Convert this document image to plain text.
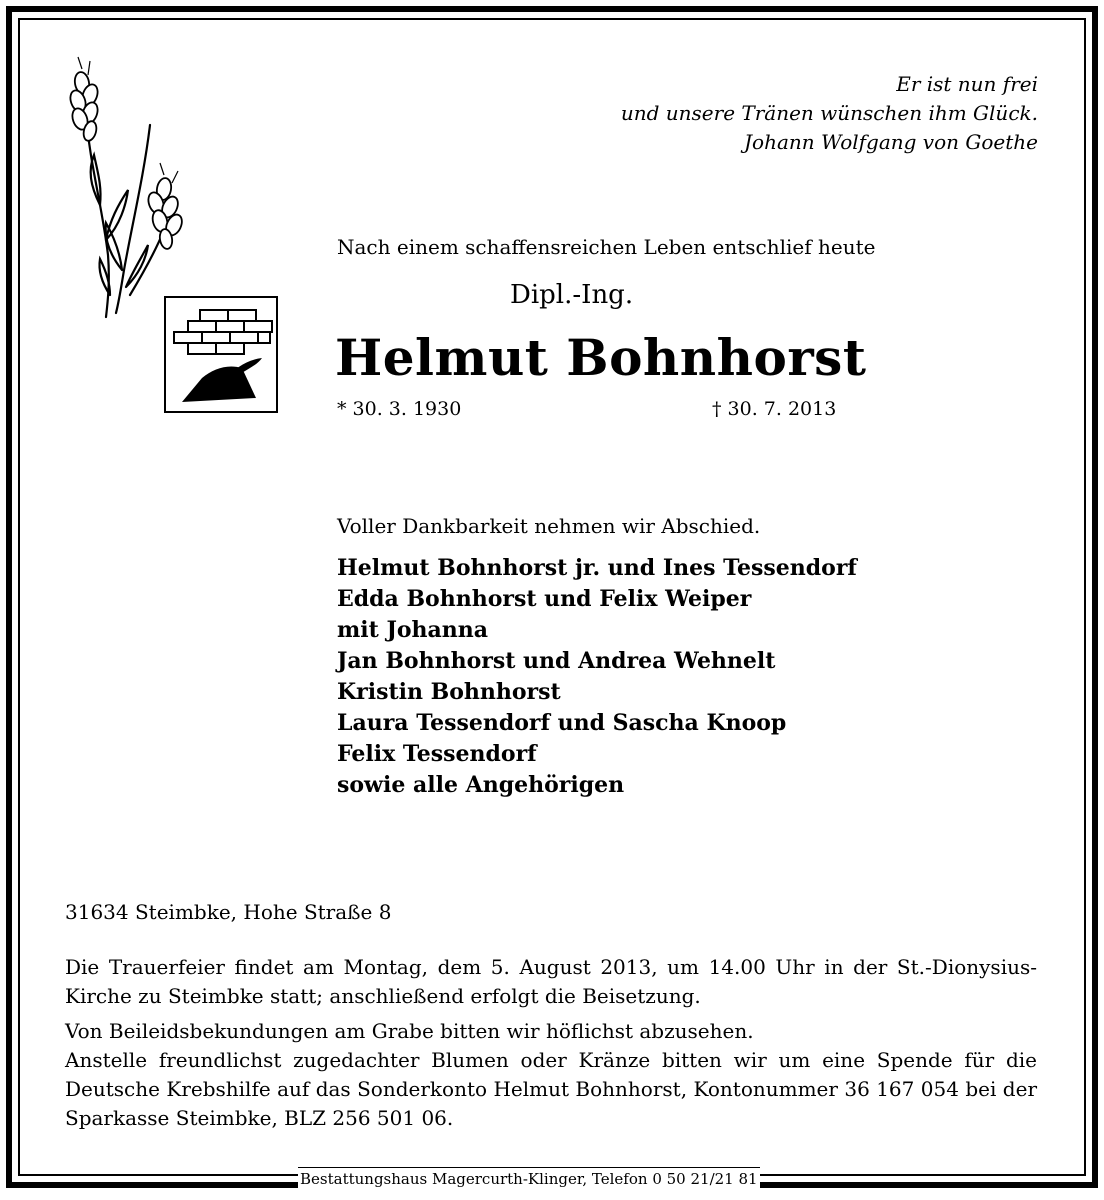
Er ist nun frei
und unsere Tränen wünschen ihm Glück.
Johann Wolfgang von Goethe
Nach einem schaffensreichen Leben entschlief heute
Dipl.-Ing.
Helmut Bohnhorst
* 30. 3. 1930	† 30. 7. 2013
Voller Dankbarkeit nehmen wir Abschied.
Helmut Bohnhorst jr. und Ines Tessendorf
Edda Bohnhorst und Felix Weiper
mit Johanna
Jan Bohnhorst und Andrea Wehnelt
Kristin Bohnhorst
Laura Tessendorf und Sascha Knoop
Felix Tessendorf
sowie alle Angehörigen
31634 Steimbke, Hohe Straße 8
Die Trauerfeier findet am Montag, dem 5. August 2013, um 14.00 Uhr in der St.-Dionysius-Kirche zu Steimbke statt; anschließend erfolgt die Beisetzung.
Von Beileidsbekundungen am Grabe bitten wir höflichst abzusehen.
Anstelle freundlichst zugedachter Blumen oder Kränze bitten wir um eine Spende für die Deutsche Krebshilfe auf das Sonderkonto Helmut Bohnhorst, Kontonummer 36 167 054 bei der Sparkasse Steimbke, BLZ 256 501 06.
Bestattungshaus Magercurth-Klinger, Telefon 0 50 21/21 81
